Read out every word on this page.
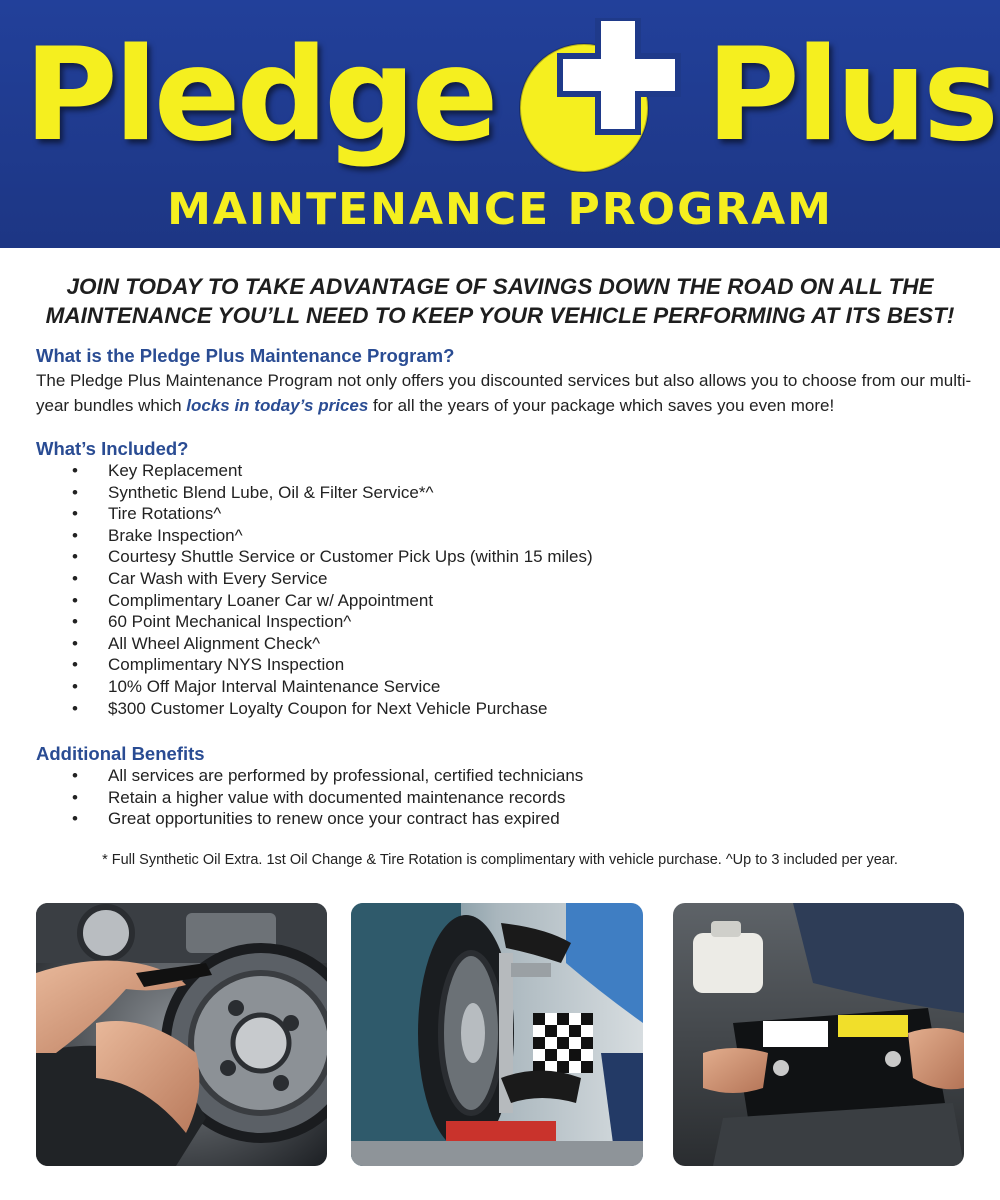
Pledge Plus
MAINTENANCE PROGRAM
JOIN TODAY TO TAKE ADVANTAGE OF SAVINGS DOWN THE ROAD ON ALL THE
MAINTENANCE YOU’LL NEED TO KEEP YOUR VEHICLE PERFORMING AT ITS BEST!
What is the Pledge Plus Maintenance Program?
The Pledge Plus Maintenance Program not only offers you discounted services but also allows you to choose from our multi-year bundles which locks in today’s prices for all the years of your package which saves you even more!
What’s Included?
• Key Replacement
• Synthetic Blend Lube, Oil & Filter Service*^
• Tire Rotations^
• Brake Inspection^
• Courtesy Shuttle Service or Customer Pick Ups (within 15 miles)
• Car Wash with Every Service
• Complimentary Loaner Car w/ Appointment
• 60 Point Mechanical Inspection^
• All Wheel Alignment Check^
• Complimentary NYS Inspection
• 10% Off Major Interval Maintenance Service
• $300 Customer Loyalty Coupon for Next Vehicle Purchase
Additional Benefits
• All services are performed by professional, certified technicians
• Retain a higher value with documented maintenance records
• Great opportunities to renew once your contract has expired
* Full Synthetic Oil Extra. 1st Oil Change & Tire Rotation is complimentary with vehicle purchase. ^Up to 3 included per year.
